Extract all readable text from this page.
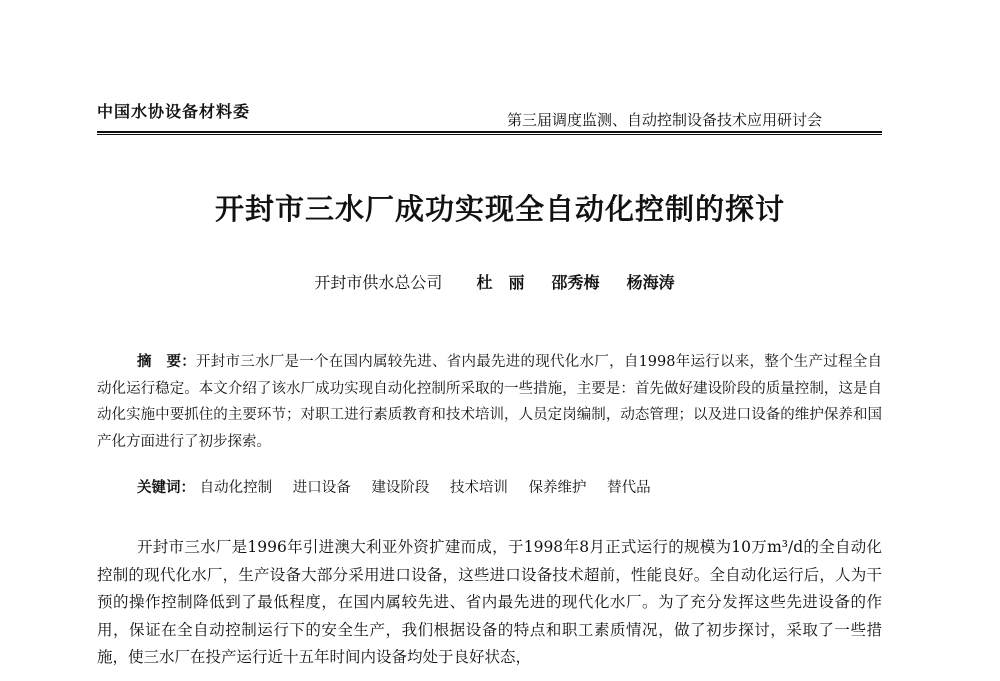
中国水协设备材料委	第三届调度监测、自动控制设备技术应用研讨会
开封市三水厂成功实现全自动化控制的探讨
开封市供水总公司 杜　丽 邵秀梅 杨海涛
摘　要：开封市三水厂是一个在国内属较先进、省内最先进的现代化水厂，自1998年运行以来，整个生产过程全自动化运行稳定。本文介绍了该水厂成功实现自动化控制所采取的一些措施，主要是：首先做好建设阶段的质量控制，这是自动化实施中要抓住的主要环节；对职工进行素质教育和技术培训，人员定岗编制，动态管理；以及进口设备的维护保养和国产化方面进行了初步探索。
关键词： 自动化控制 进口设备 建设阶段 技术培训 保养维护 替代品
开封市三水厂是1996年引进澳大利亚外资扩建而成，于1998年8月正式运行的规模为10万m³/d的全自动化控制的现代化水厂，生产设备大部分采用进口设备，这些进口设备技术超前，性能良好。全自动化运行后，人为干预的操作控制降低到了最低程度，在国内属较先进、省内最先进的现代化水厂。为了充分发挥这些先进设备的作用，保证在全自动控制运行下的安全生产，我们根据设备的特点和职工素质情况，做了初步探讨，采取了一些措施，使三水厂在投产运行近十五年时间内设备均处于良好状态，
